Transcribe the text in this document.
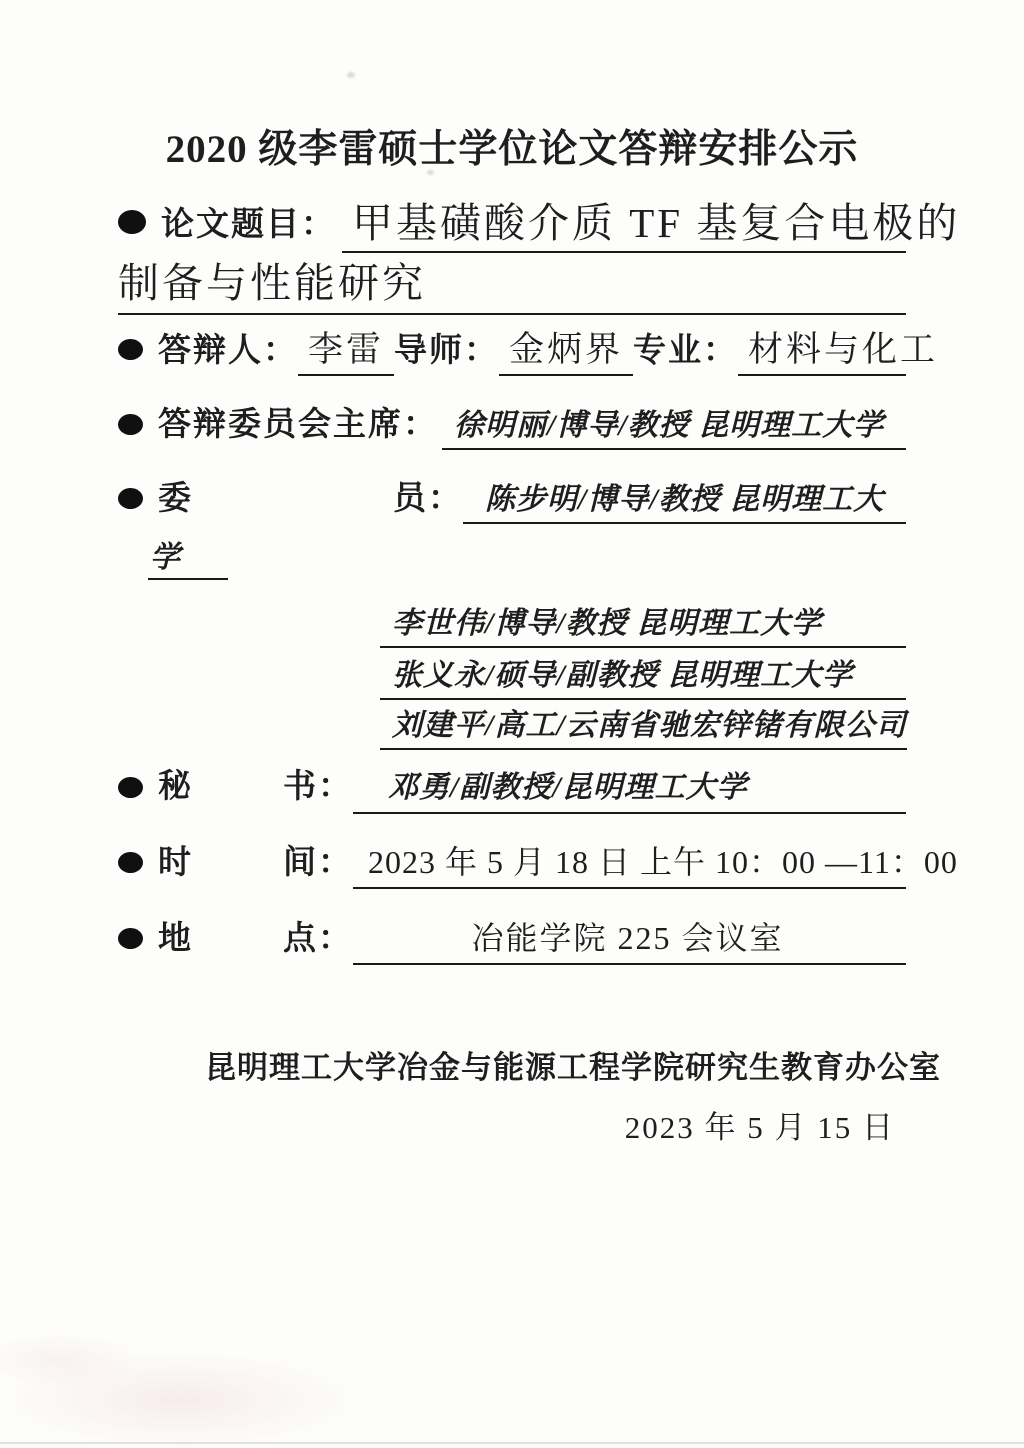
2020 级李雷硕士学位论文答辩安排公示
论文题目： 甲基磺酸介质 TF 基复合电极的
制备与性能研究
答辩人： 李雷 导师： 金炳界 专业： 材料与化工
答辩委员会主席： 徐明丽/博导/教授 昆明理工大学
委	员： 陈步明/博导/教授 昆明理工大
学
李世伟/博导/教授 昆明理工大学
张义永/硕导/副教授 昆明理工大学
刘建平/高工/云南省驰宏锌锗有限公司
秘	书：	邓勇/副教授/昆明理工大学
时	间： 2023 年 5 月 18 日 上午 10：00 —11：00
地	点：	冶能学院 225 会议室
昆明理工大学冶金与能源工程学院研究生教育办公室
2023 年 5 月 15 日
